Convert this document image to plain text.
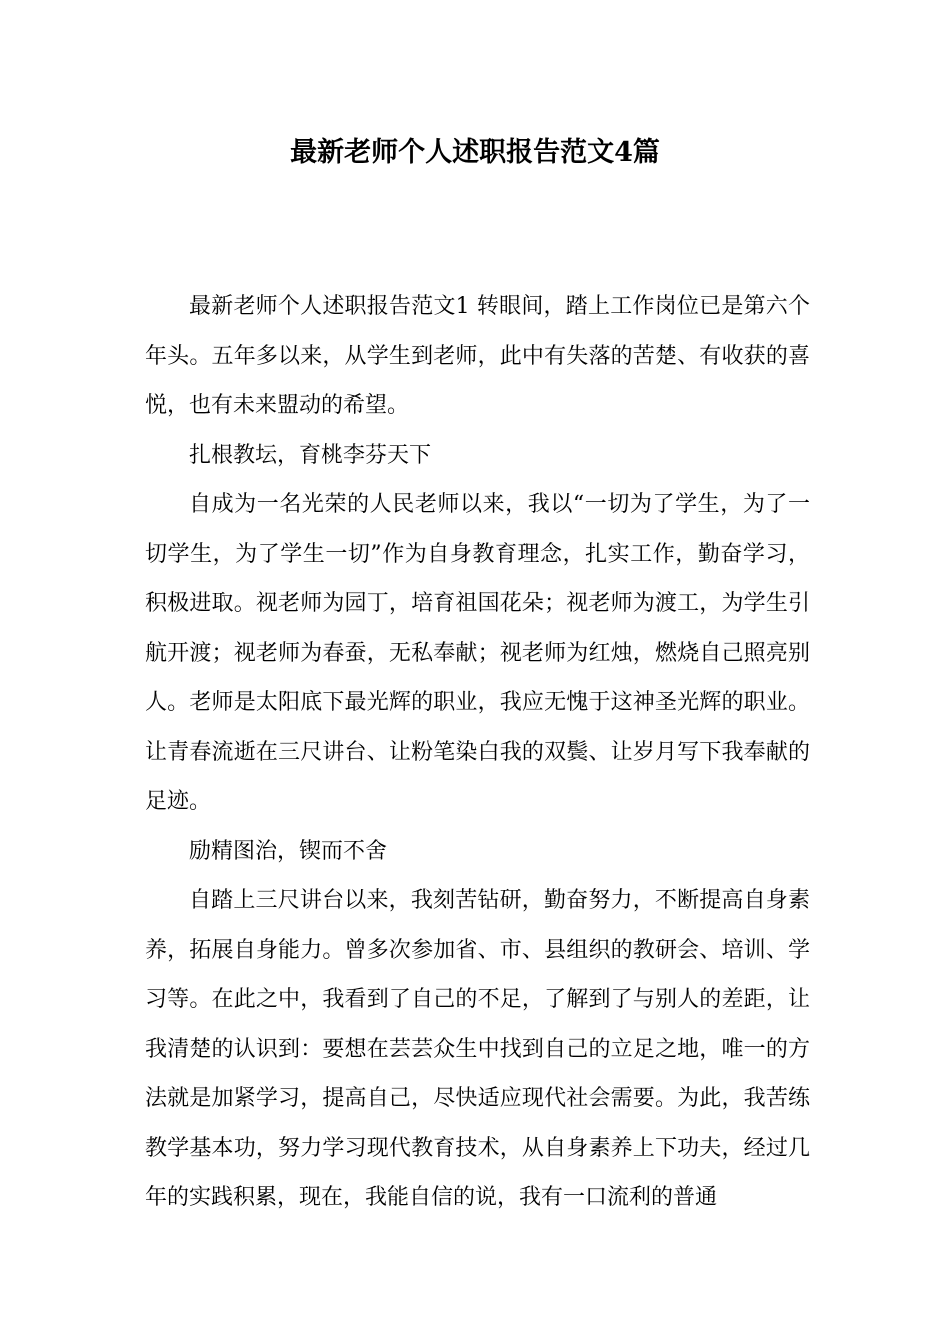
最新老师个人述职报告范文4篇

最新老师个人述职报告范文1 转眼间，踏上工作岗位已是第六个年头。五年多以来，从学生到老师，此中有失落的苦楚、有收获的喜悦，也有未来盟动的希望。

扎根教坛，育桃李芬天下

自成为一名光荣的人民老师以来，我以“一切为了学生，为了一切学生，为了学生一切”作为自身教育理念，扎实工作，勤奋学习，积极进取。视老师为园丁，培育祖国花朵；视老师为渡工，为学生引航开渡；视老师为春蚕，无私奉献；视老师为红烛，燃烧自己照亮别人。老师是太阳底下最光辉的职业，我应无愧于这神圣光辉的职业。让青春流逝在三尺讲台、让粉笔染白我的双鬓、让岁月写下我奉献的足迹。

励精图治，锲而不舍

自踏上三尺讲台以来，我刻苦钻研，勤奋努力，不断提高自身素养，拓展自身能力。曾多次参加省、市、县组织的教研会、培训、学习等。在此之中，我看到了自己的不足，了解到了与别人的差距，让我清楚的认识到：要想在芸芸众生中找到自己的立足之地，唯一的方法就是加紧学习，提高自己，尽快适应现代社会需要。为此，我苦练教学基本功，努力学习现代教育技术，从自身素养上下功夫，经过几年的实践积累，现在，我能自信的说，我有一口流利的普通
